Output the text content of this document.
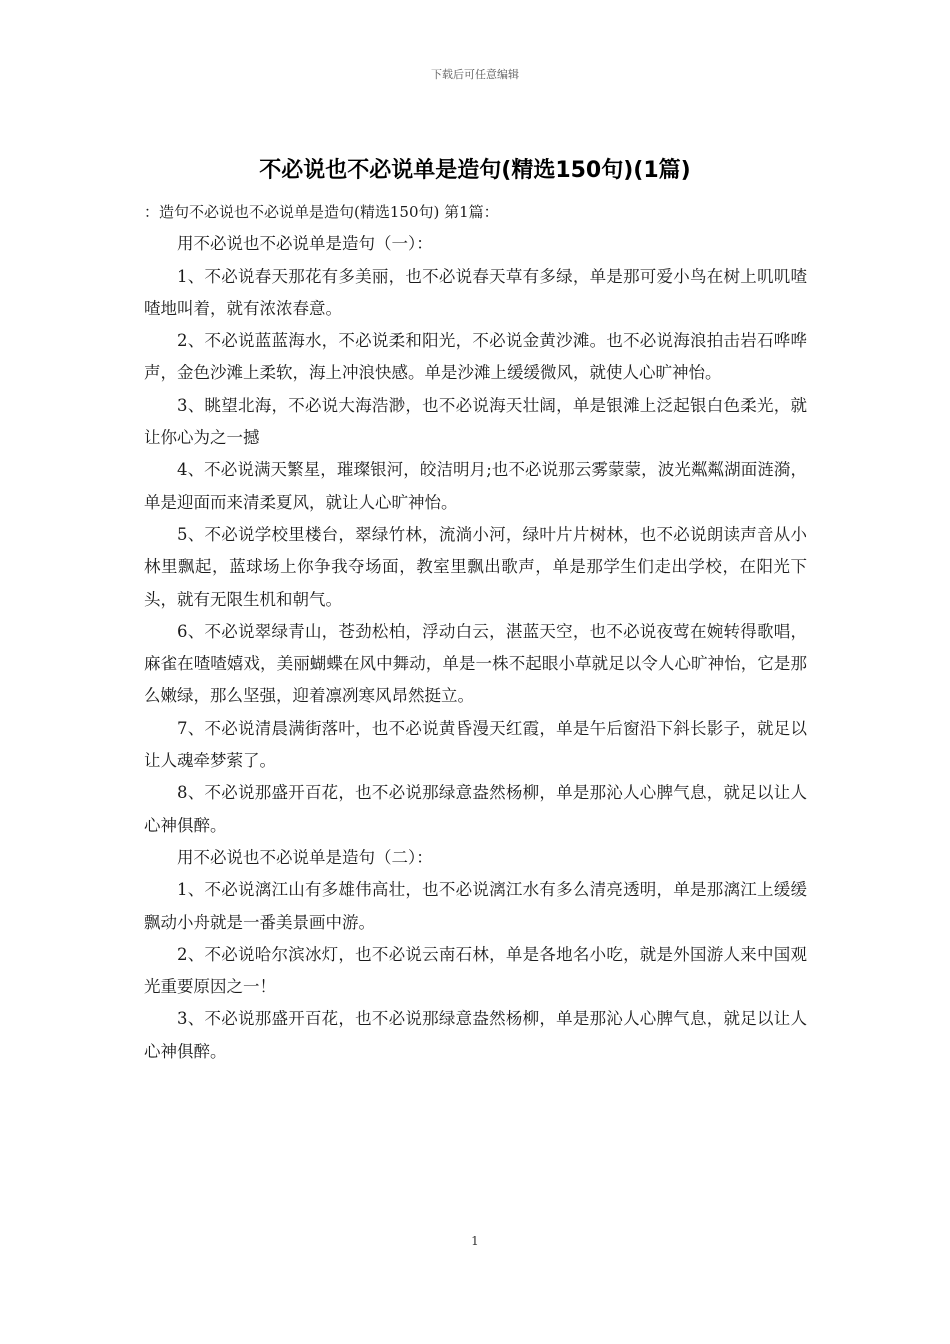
下载后可任意编辑
不必说也不必说单是造句(精选150句)(1篇)

：造句不必说也不必说单是造句(精选150句) 第1篇：

用不必说也不必说单是造句（一）：

1、不必说春天那花有多美丽，也不必说春天草有多绿，单是那可爱小鸟在树上叽叽喳喳地叫着，就有浓浓春意。

2、不必说蓝蓝海水，不必说柔和阳光，不必说金黄沙滩。也不必说海浪拍击岩石哗哗声，金色沙滩上柔软，海上冲浪快感。单是沙滩上缓缓微风，就使人心旷神怡。

3、眺望北海，不必说大海浩渺，也不必说海天壮阔，单是银滩上泛起银白色柔光，就让你心为之一撼

4、不必说满天繁星，璀璨银河，皎洁明月;也不必说那云雾蒙蒙，波光粼粼湖面涟漪，单是迎面而来清柔夏风，就让人心旷神怡。

5、不必说学校里楼台，翠绿竹林，流淌小河，绿叶片片树林，也不必说朗读声音从小林里飘起，蓝球场上你争我夺场面，教室里飘出歌声，单是那学生们走出学校，在阳光下头，就有无限生机和朝气。

6、不必说翠绿青山，苍劲松柏，浮动白云，湛蓝天空，也不必说夜莺在婉转得歌唱，麻雀在喳喳嬉戏，美丽蝴蝶在风中舞动，单是一株不起眼小草就足以令人心旷神怡，它是那么嫩绿，那么坚强，迎着凛冽寒风昂然挺立。

7、不必说清晨满街落叶，也不必说黄昏漫天红霞，单是午后窗沿下斜长影子，就足以让人魂牵梦萦了。

8、不必说那盛开百花，也不必说那绿意盎然杨柳，单是那沁人心脾气息，就足以让人心神俱醉。

用不必说也不必说单是造句（二）：

1、不必说漓江山有多雄伟高壮，也不必说漓江水有多么清亮透明，单是那漓江上缓缓飘动小舟就是一番美景画中游。

2、不必说哈尔滨冰灯，也不必说云南石林，单是各地名小吃，就是外国游人来中国观光重要原因之一！

3、不必说那盛开百花，也不必说那绿意盎然杨柳，单是那沁人心脾气息，就足以让人心神俱醉。

1
